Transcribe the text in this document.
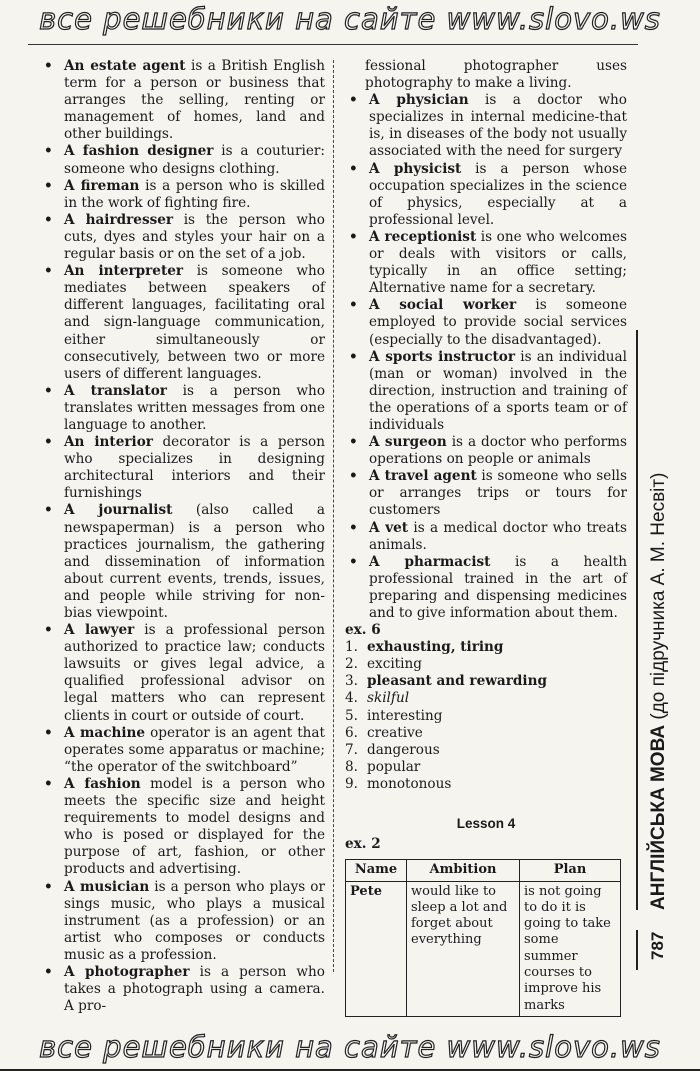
все решебники на сайте www.slovo.ws

• An estate agent is a British English term for a person or business that arranges the selling, renting or management of homes, land and other buildings.

• A fashion designer is a couturier: someone who designs clothing.

• A fireman is a person who is skilled in the work of fighting fire.

• A hairdresser is the person who cuts, dyes and styles your hair on a regular basis or on the set of a job.

• An interpreter is someone who mediates between speakers of different languages, facilitating oral and sign-language communication, either simultaneously or consecutively, between two or more users of different languages.

• A translator is a person who translates written messages from one language to another.

• An interior decorator is a person who specializes in designing architectural interiors and their furnishings

• A journalist (also called a newspaperman) is a person who practices journalism, the gathering and dissemination of information about current events, trends, issues, and people while striving for non-bias viewpoint.

• A lawyer is a professional person authorized to practice law; conducts lawsuits or gives legal advice, a qualified professional advisor on legal matters who can represent clients in court or outside of court.

• A machine operator is an agent that operates some apparatus or machine; “the operator of the switchboard”

• A fashion model is a person who meets the specific size and height requirements to model designs and who is posed or displayed for the purpose of art, fashion, or other products and advertising.

• A musician is a person who plays or sings music, who plays a musical instrument (as a profession) or an artist who composes or conducts music as a profession.

• A photographer is a person who takes a photograph using a camera. A pro-

fessional photographer uses photography to make a living.

• A physician is a doctor who specializes in internal medicine-that is, in diseases of the body not usually associated with the need for surgery

• A physicist is a person whose occupation specializes in the science of physics, especially at a professional level.

• A receptionist is one who welcomes or deals with visitors or calls, typically in an office setting; Alternative name for a secretary.

• A social worker is someone employed to provide social services (especially to the disadvantaged).

• A sports instructor is an individual (man or woman) involved in the direction, instruction and training of the operations of a sports team or of individuals

• A surgeon is a doctor who performs operations on people or animals

• A travel agent is someone who sells or arranges trips or tours for customers

• A vet is a medical doctor who treats animals.

• A pharmacist is a health professional trained in the art of preparing and dispensing medicines and to give information about them.

ex. 6

1. exhausting, tiring
2. exciting
3. pleasant and rewarding
4. skilful
5. interesting
6. creative
7. dangerous
8. popular
9. monotonous
Lesson 4

ex. 2

Name	Ambition	Plan
Pete	would like to sleep a lot and forget about everything	is not going to do it is going to take some summer courses to improve his marks
АНГЛІЙСЬКА МОВА (до підручника А. М. Несвіт)
787
все решебники на сайте www.slovo.ws
